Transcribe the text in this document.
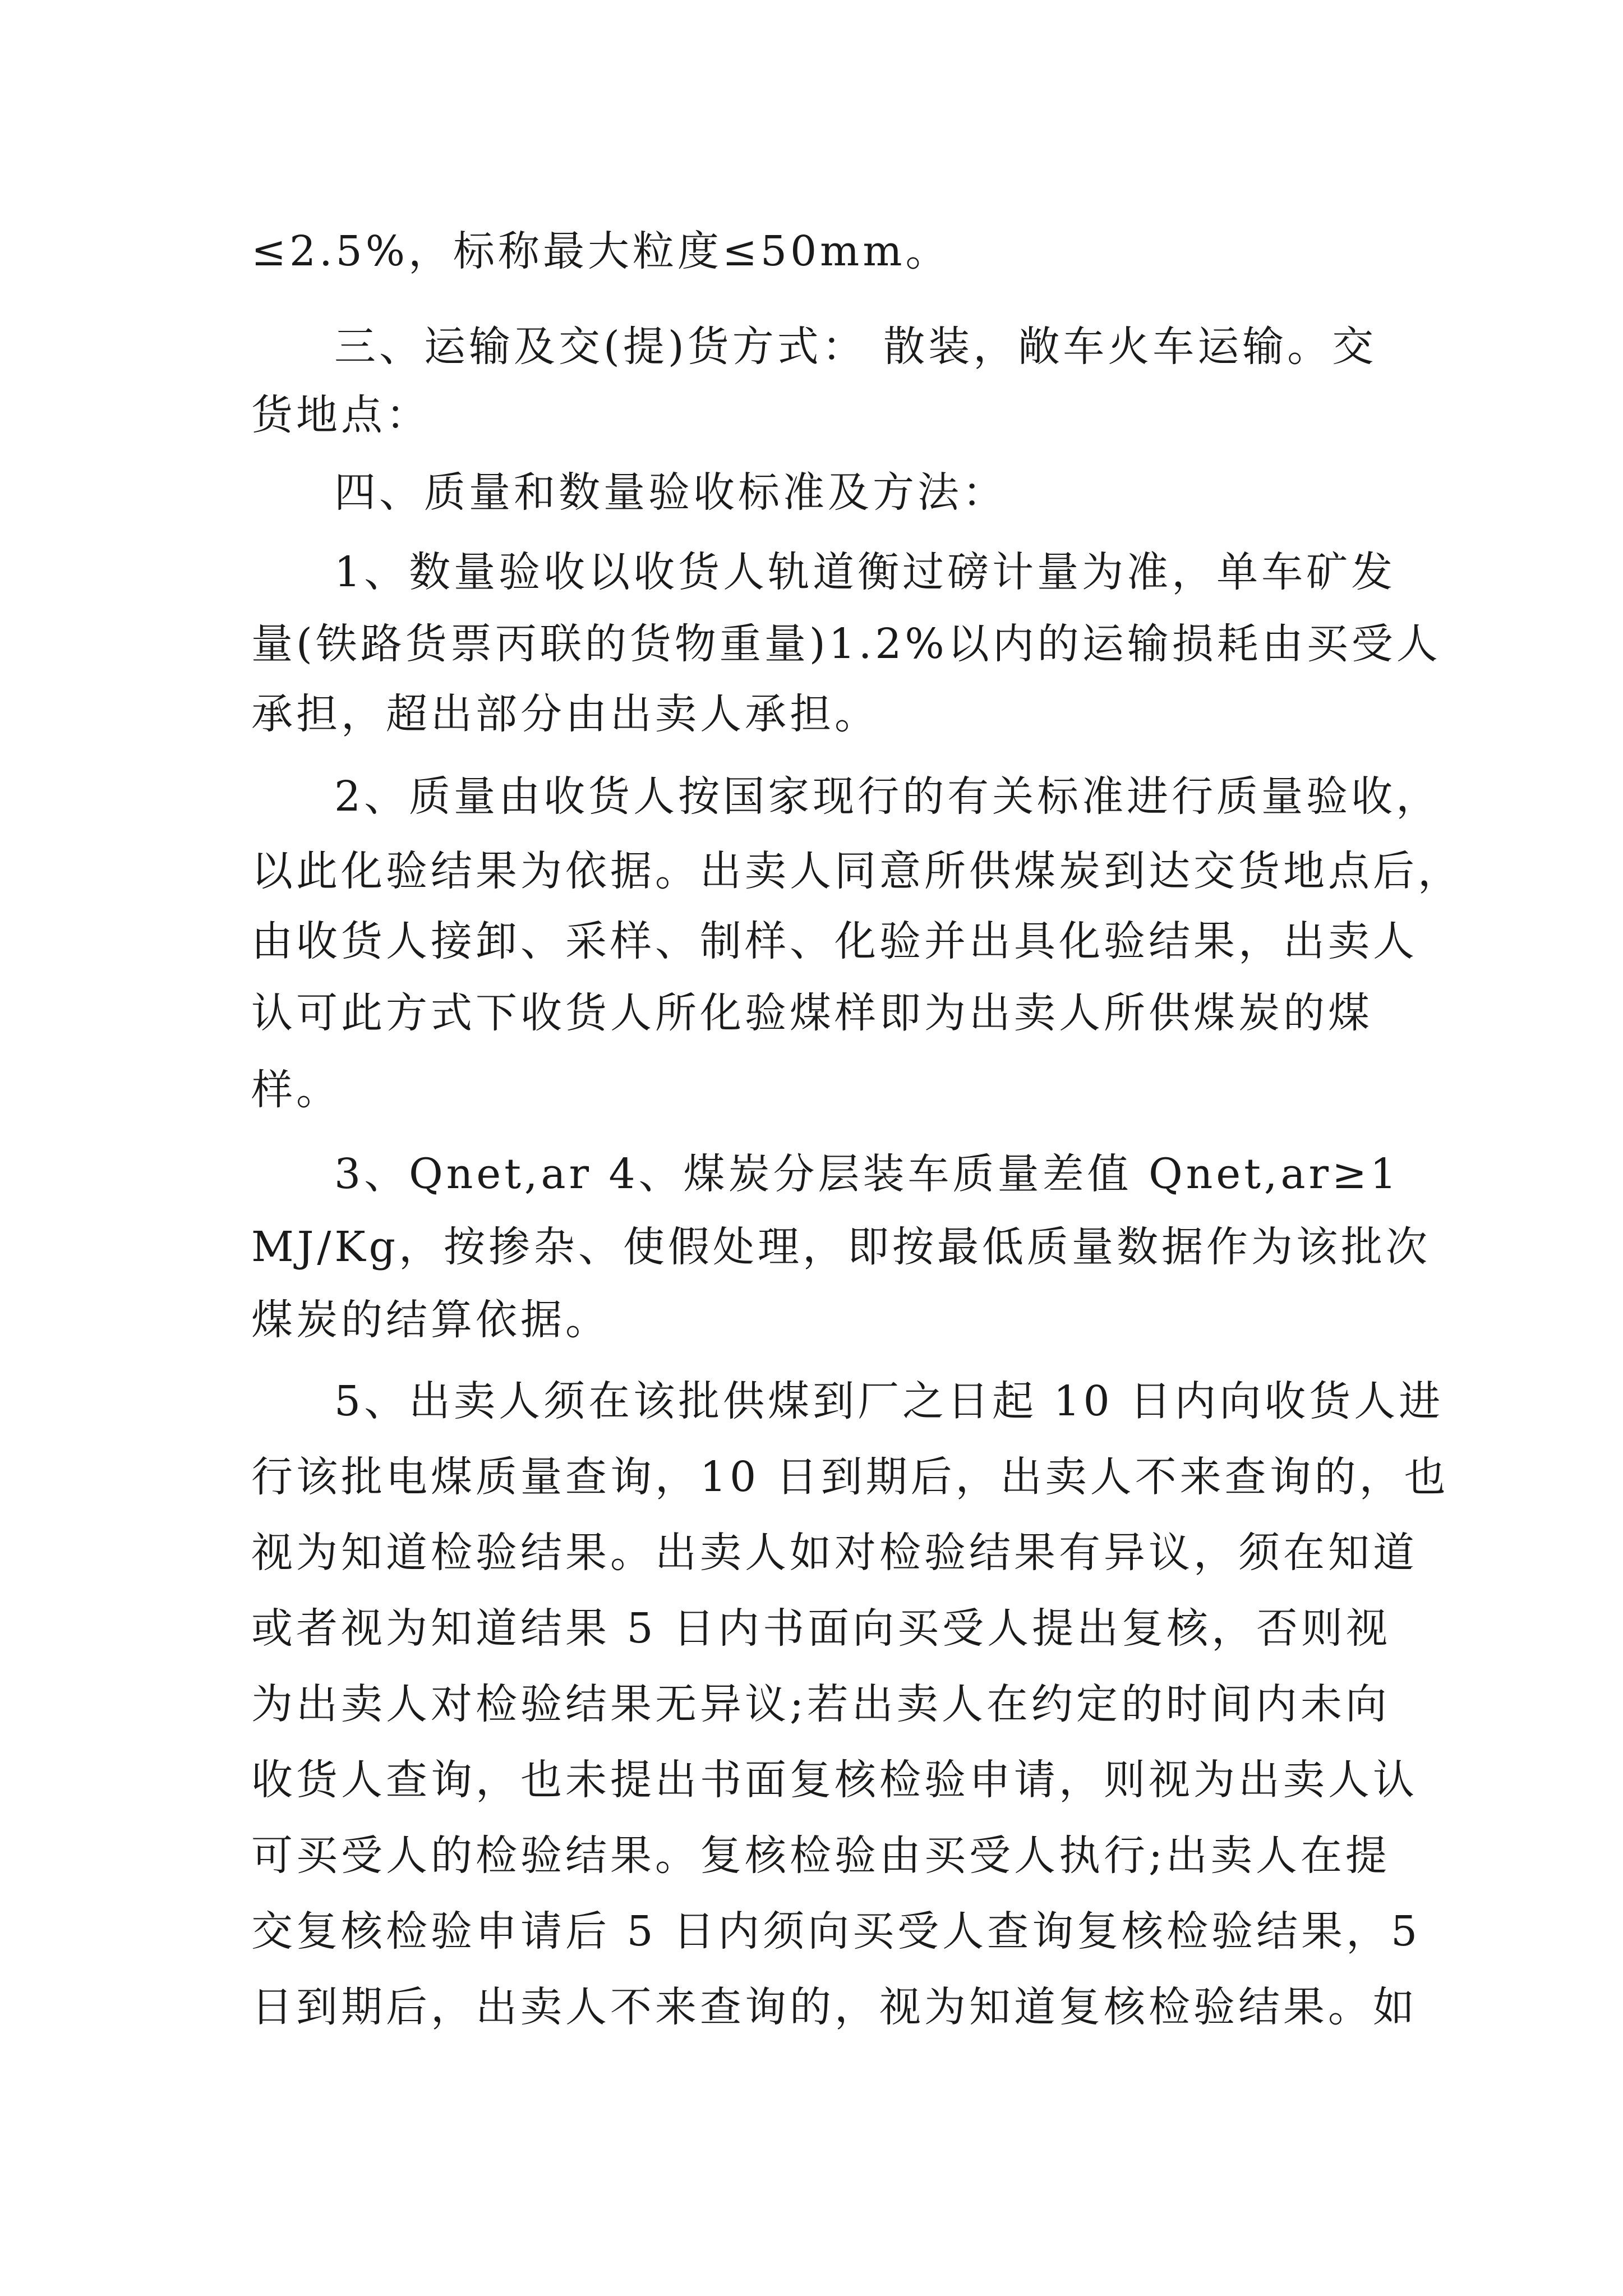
≤2.5%，标称最大粒度≤50mm。
三、运输及交(提)货方式： 散装，敞车火车运输。交
货地点：
四、质量和数量验收标准及方法：
1、数量验收以收货人轨道衡过磅计量为准，单车矿发
量(铁路货票丙联的货物重量)1.2%以内的运输损耗由买受人
承担，超出部分由出卖人承担。
2、质量由收货人按国家现行的有关标准进行质量验收，
以此化验结果为依据。出卖人同意所供煤炭到达交货地点后，
由收货人接卸、采样、制样、化验并出具化验结果，出卖人
认可此方式下收货人所化验煤样即为出卖人所供煤炭的煤
样。
3、Qnet,ar 4、煤炭分层装车质量差值 Qnet,ar≥1
MJ/Kg，按掺杂、使假处理，即按最低质量数据作为该批次
煤炭的结算依据。
5、出卖人须在该批供煤到厂之日起 10 日内向收货人进
行该批电煤质量查询，10 日到期后，出卖人不来查询的，也
视为知道检验结果。出卖人如对检验结果有异议，须在知道
或者视为知道结果 5 日内书面向买受人提出复核，否则视
为出卖人对检验结果无异议;若出卖人在约定的时间内未向
收货人查询，也未提出书面复核检验申请，则视为出卖人认
可买受人的检验结果。复核检验由买受人执行;出卖人在提
交复核检验申请后 5 日内须向买受人查询复核检验结果，5
日到期后，出卖人不来查询的，视为知道复核检验结果。如
